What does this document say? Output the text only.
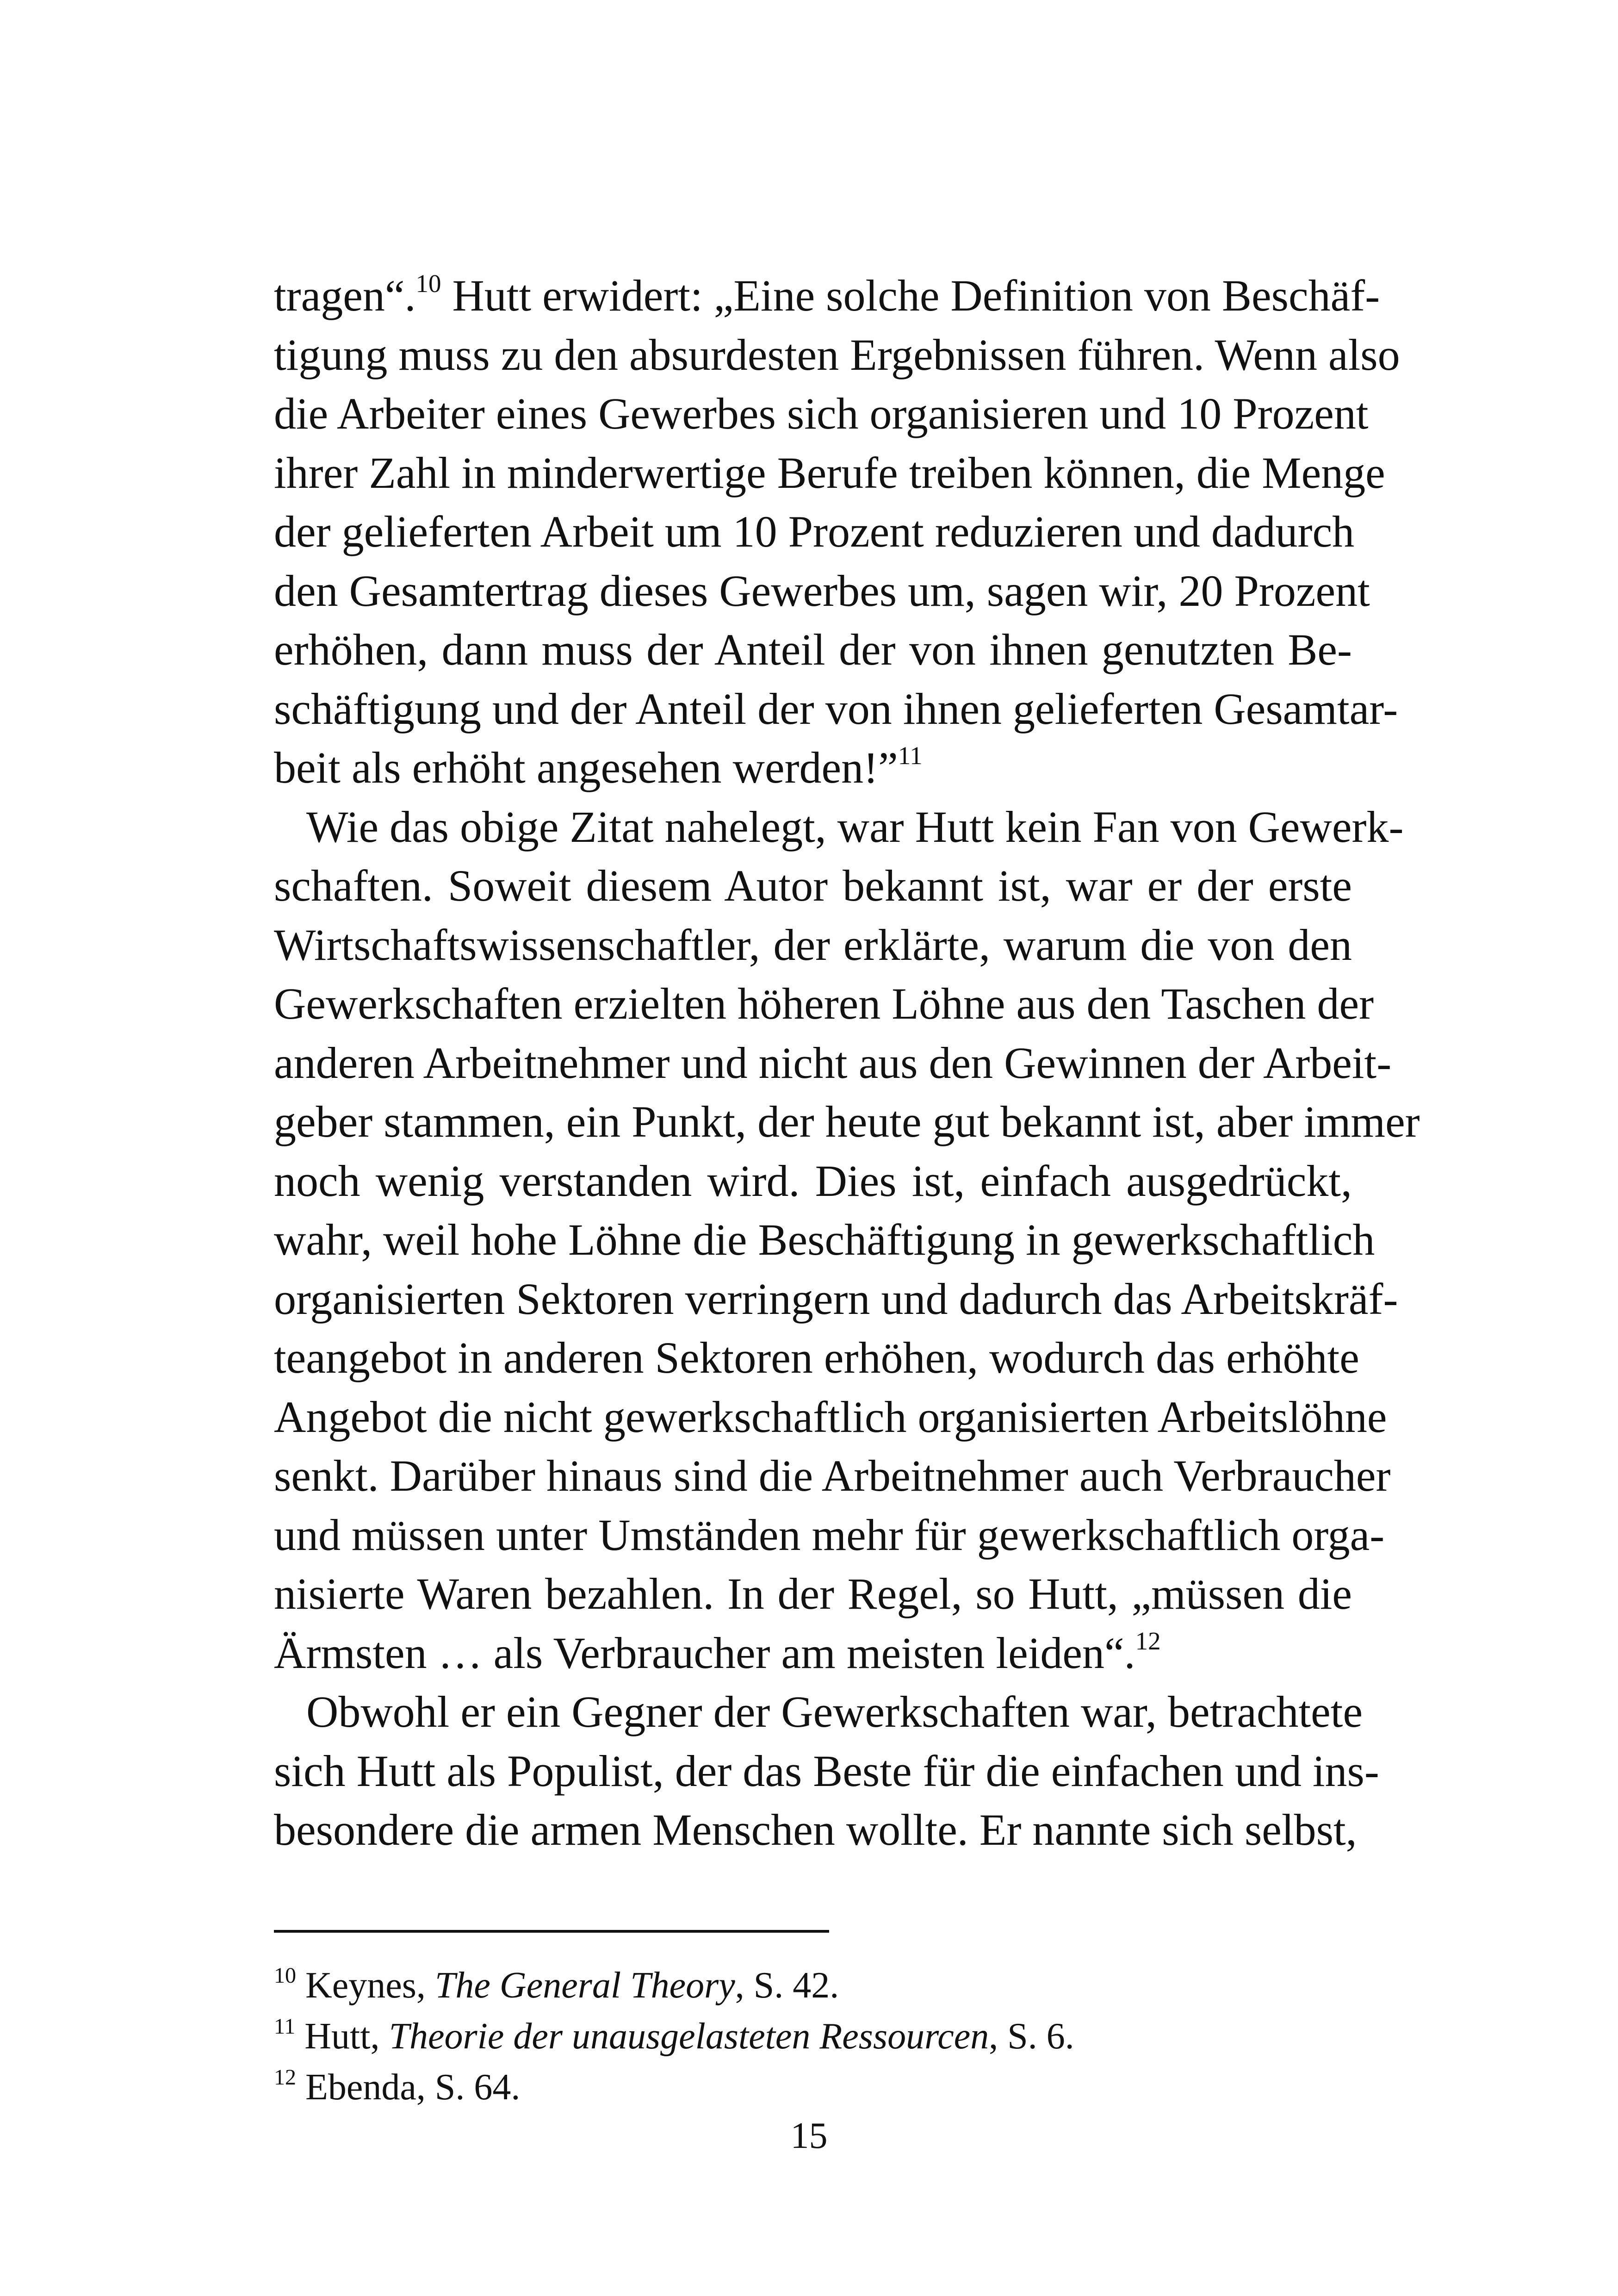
tragen“.$^{10}$ Hutt erwidert: „Eine solche Definition von Beschäf-
tigung muss zu den absurdesten Ergebnissen führen. Wenn also
die Arbeiter eines Gewerbes sich organisieren und 10 Prozent
ihrer Zahl in minderwertige Berufe treiben können, die Menge
der gelieferten Arbeit um 10 Prozent reduzieren und dadurch
den Gesamtertrag dieses Gewerbes um, sagen wir, 20 Prozent
erhöhen, dann muss der Anteil der von ihnen genutzten Be-
schäftigung und der Anteil der von ihnen gelieferten Gesamtar-
beit als erhöht angesehen werden!”$^{11}$

Wie das obige Zitat nahelegt, war Hutt kein Fan von Gewerk-
schaften. Soweit diesem Autor bekannt ist, war er der erste
Wirtschaftswissenschaftler, der erklärte, warum die von den
Gewerkschaften erzielten höheren Löhne aus den Taschen der
anderen Arbeitnehmer und nicht aus den Gewinnen der Arbeit-
geber stammen, ein Punkt, der heute gut bekannt ist, aber immer
noch wenig verstanden wird. Dies ist, einfach ausgedrückt,
wahr, weil hohe Löhne die Beschäftigung in gewerkschaftlich
organisierten Sektoren verringern und dadurch das Arbeitskräf-
teangebot in anderen Sektoren erhöhen, wodurch das erhöhte
Angebot die nicht gewerkschaftlich organisierten Arbeitslöhne
senkt. Darüber hinaus sind die Arbeitnehmer auch Verbraucher
und müssen unter Umständen mehr für gewerkschaftlich orga-
nisierte Waren bezahlen. In der Regel, so Hutt, „müssen die
Ärmsten … als Verbraucher am meisten leiden“.$^{12}$

Obwohl er ein Gegner der Gewerkschaften war, betrachtete
sich Hutt als Populist, der das Beste für die einfachen und ins-
besondere die armen Menschen wollte. Er nannte sich selbst,

$^{10}$ Keynes, The General Theory, S. 42.
$^{11}$ Hutt, Theorie der unausgelasteten Ressourcen, S. 6.
$^{12}$ Ebenda, S. 64.
15
